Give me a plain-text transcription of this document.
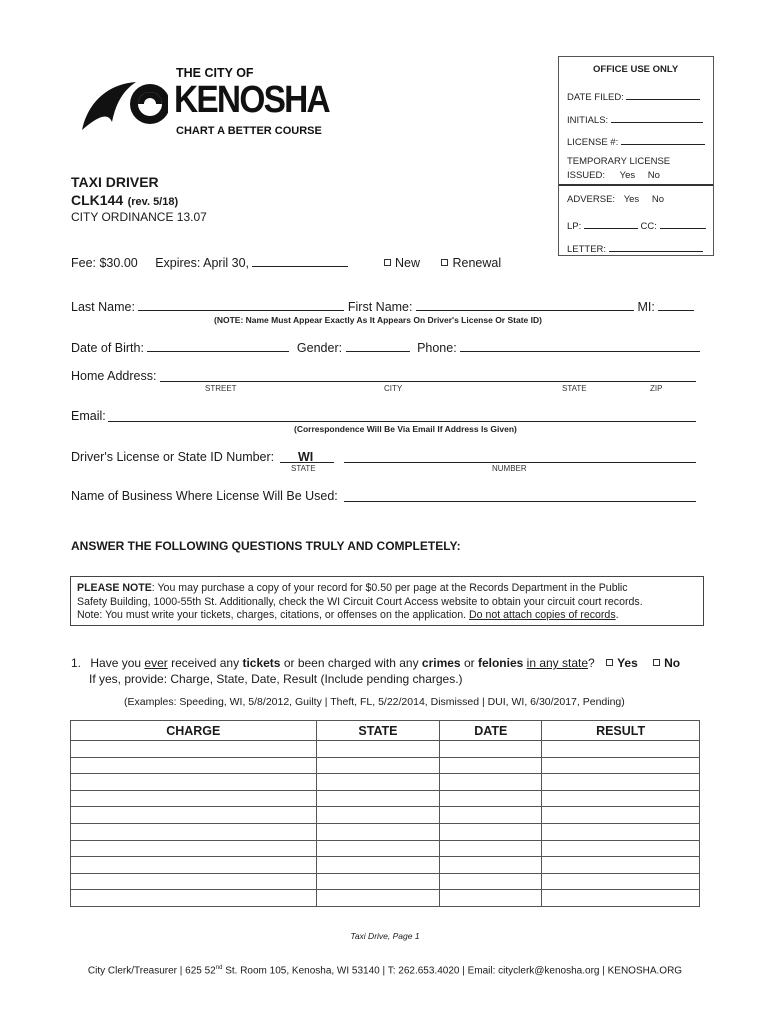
THE CITY OF
KENOSHA
CHART A BETTER COURSE
OFFICE USE ONLY
DATE FILED:
INITIALS:
LICENSE #:
TEMPORARY LICENSE
ISSUED: Yes No
ADVERSE: Yes No
LP:	CC:
LETTER:
TAXI DRIVER
CLK144 (rev. 5/18)
CITY ORDINANCE 13.07
Fee: $30.00 Expires: April 30,	New	Renewal
Last Name:	First Name:	MI:
(NOTE: Name Must Appear Exactly As It Appears On Driver's License Or State ID)
Date of Birth:	Gender:	Phone:
Home Address:
STREET	CITY	STATE	ZIP
Email:
(Correspondence Will Be Via Email If Address Is Given)
Driver's License or State ID Number: WI
STATE	NUMBER
Name of Business Where License Will Be Used:
ANSWER THE FOLLOWING QUESTIONS TRULY AND COMPLETELY:
PLEASE NOTE: You may purchase a copy of your record for $0.50 per page at the Records Department in the Public
Safety Building, 1000-55th St. Additionally, check the WI Circuit Court Access website to obtain your circuit court records.
Note: You must write your tickets, charges, citations, or offenses on the application. Do not attach copies of records.
1. Have you ever received any tickets or been charged with any crimes or felonies in any state? Yes No
If yes, provide: Charge, State, Date, Result (Include pending charges.)
(Examples: Speeding, WI, 5/8/2012, Guilty | Theft, FL, 5/22/2014, Dismissed | DUI, WI, 6/30/2017, Pending)
CHARGE	STATE	DATE	RESULT

Taxi Drive, Page 1
City Clerk/Treasurer | 625 52nd St. Room 105, Kenosha, WI 53140 | T: 262.653.4020 | Email: cityclerk@kenosha.org | KENOSHA.ORG
